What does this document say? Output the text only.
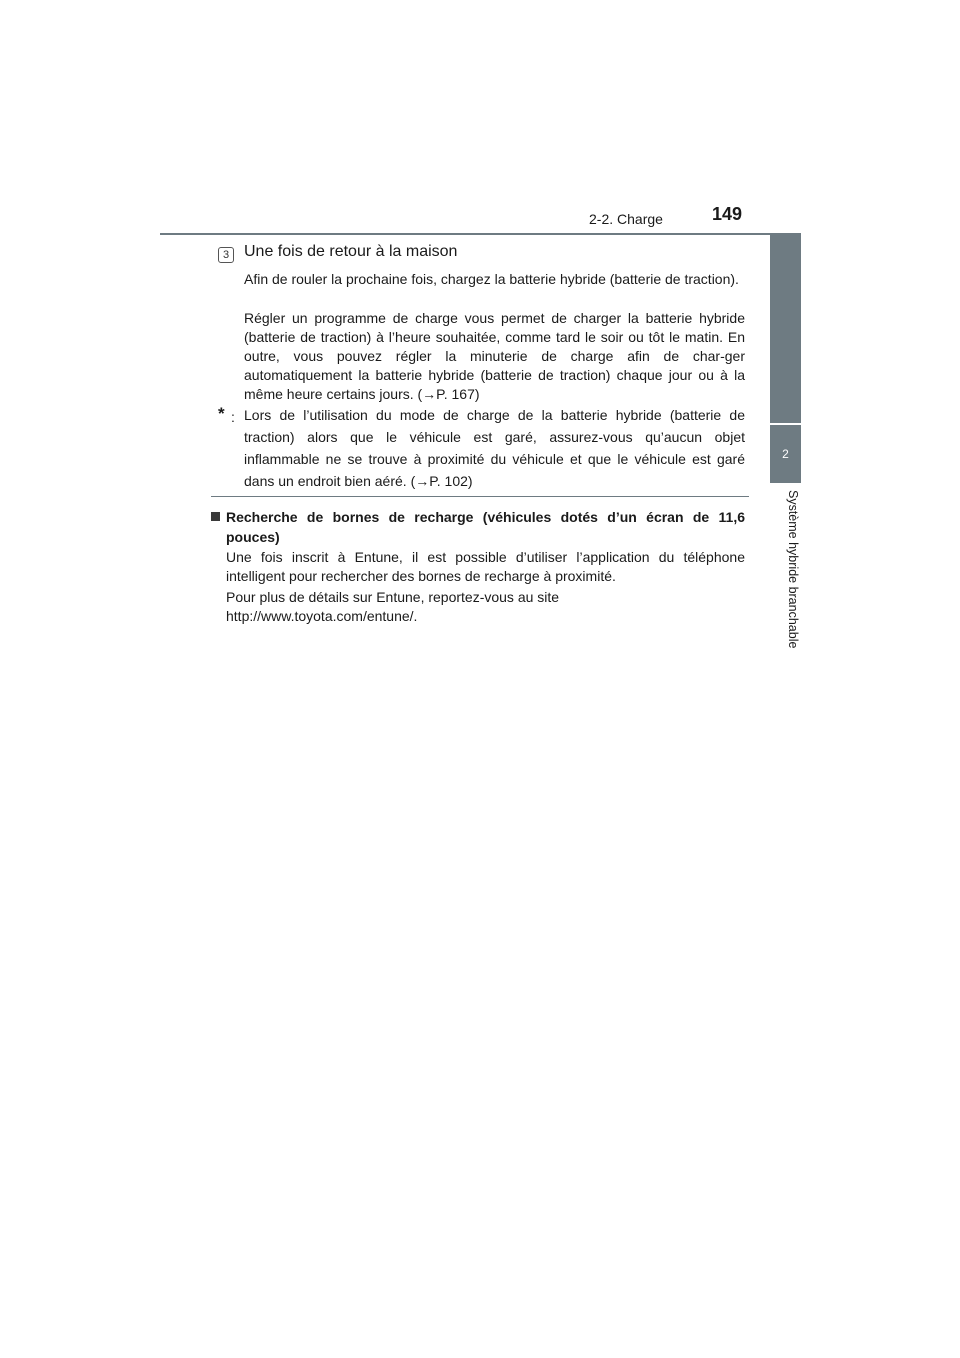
2-2. Charge	149
2
Système hybride branchable
3 Une fois de retour à la maison
Afin de rouler la prochaine fois, chargez la batterie hybride (batterie de traction).
Régler un programme de charge vous permet de charger la batterie hybride (batterie de traction) à l’heure souhaitée, comme tard le soir ou tôt le matin. En outre, vous pouvez régler la minuterie de charge afin de char-ger automatiquement la batterie hybride (batterie de traction) chaque jour ou à la même heure certains jours. (→P. 167)
* : Lors de l’utilisation du mode de charge de la batterie hybride (batterie de traction) alors que le véhicule est garé, assurez-vous qu’aucun objet inflammable ne se trouve à proximité du véhicule et que le véhicule est garé dans un endroit bien aéré. (→P. 102)
Recherche de bornes de recharge (véhicules dotés d’un écran de 11,6 pouces)
Une fois inscrit à Entune, il est possible d’utiliser l’application du téléphone intelligent pour rechercher des bornes de recharge à proximité.
Pour plus de détails sur Entune, reportez-vous au site
http://www.toyota.com/entune/.
